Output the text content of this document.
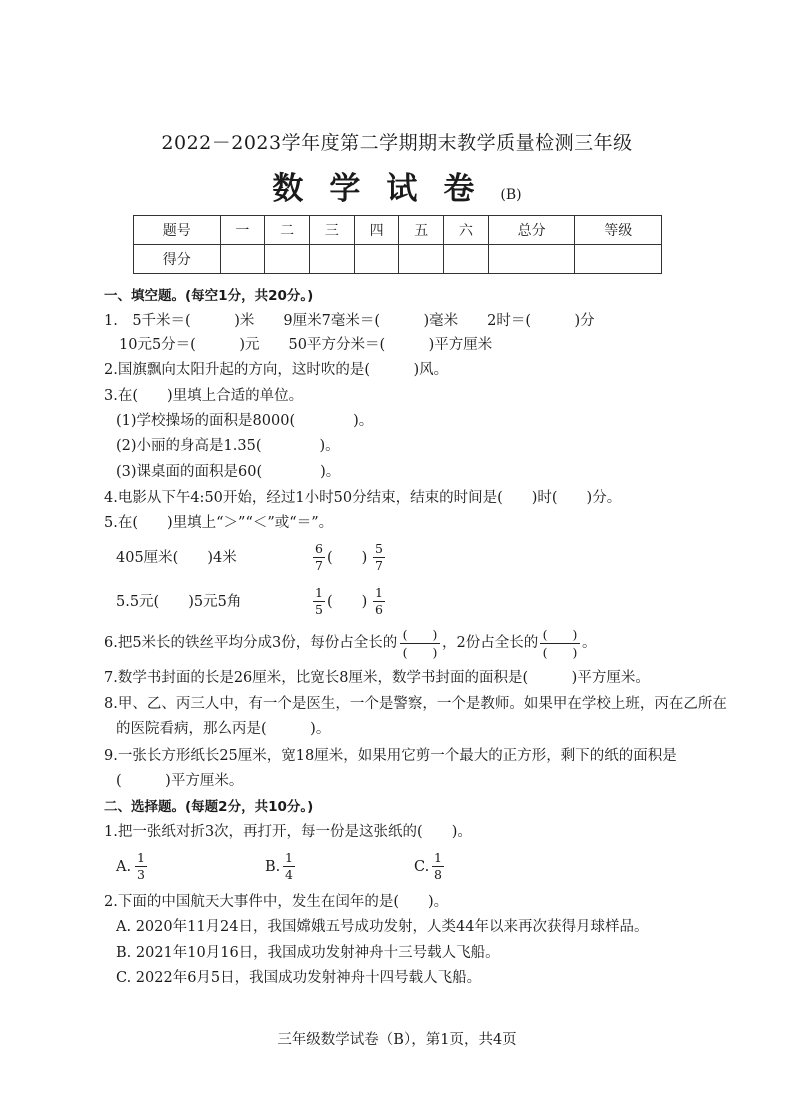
2022－2023学年度第二学期期末教学质量检测三年级
数学试卷(B)
题号	一	二	三	四	五	六	总分	等级
得分								
一、填空题。(每空1分，共20分。)
1.　5千米＝(　　　)米　　9厘米7毫米＝(　　　)毫米　　2时＝(　　　)分
10元5分＝(　　　)元　　50平方分米＝(　　　)平方厘米
2.国旗飘向太阳升起的方向，这时吹的是(　　　)风。
3.在(　　)里填上合适的单位。
(1)学校操场的面积是8000(　　　　)。
(2)小丽的身高是1.35(　　　　)。
(3)课桌面的面积是60(　　　　)。
4.电影从下午4:50开始，经过1小时50分结束，结束的时间是(　　)时(　　)分。
5.在(　　)里填上“＞”“＜”或“＝”。
405厘米(　　)4米
6
7 (　　)
5
7
5.5元(　　)5元5角
1
5 (　　)
1
6
6.把5米长的铁丝平均分成3份，每份占全长的
(　　)
(　　)
，2份占全长的
(　　)
(　　)
。
7.数学书封面的长是26厘米，比宽长8厘米，数学书封面的面积是(　　　)平方厘米。
8.甲、乙、丙三人中，有一个是医生，一个是警察，一个是教师。如果甲在学校上班，丙在乙所在
的医院看病，那么丙是(　　　)。
9.一张长方形纸长25厘米，宽18厘米，如果用它剪一个最大的正方形，剩下的纸的面积是
(　　　)平方厘米。
二、选择题。(每题2分，共10分。)
1.把一张纸对折3次，再打开，每一份是这张纸的(　　)。
A.
1
3	B.
1
4	C.
1
8
2.下面的中国航天大事件中，发生在闰年的是(　　)。
A. 2020年11月24日，我国嫦娥五号成功发射，人类44年以来再次获得月球样品。
B. 2021年10月16日，我国成功发射神舟十三号载人飞船。
C. 2022年6月5日，我国成功发射神舟十四号载人飞船。
三年级数学试卷（B），第1页，共4页
